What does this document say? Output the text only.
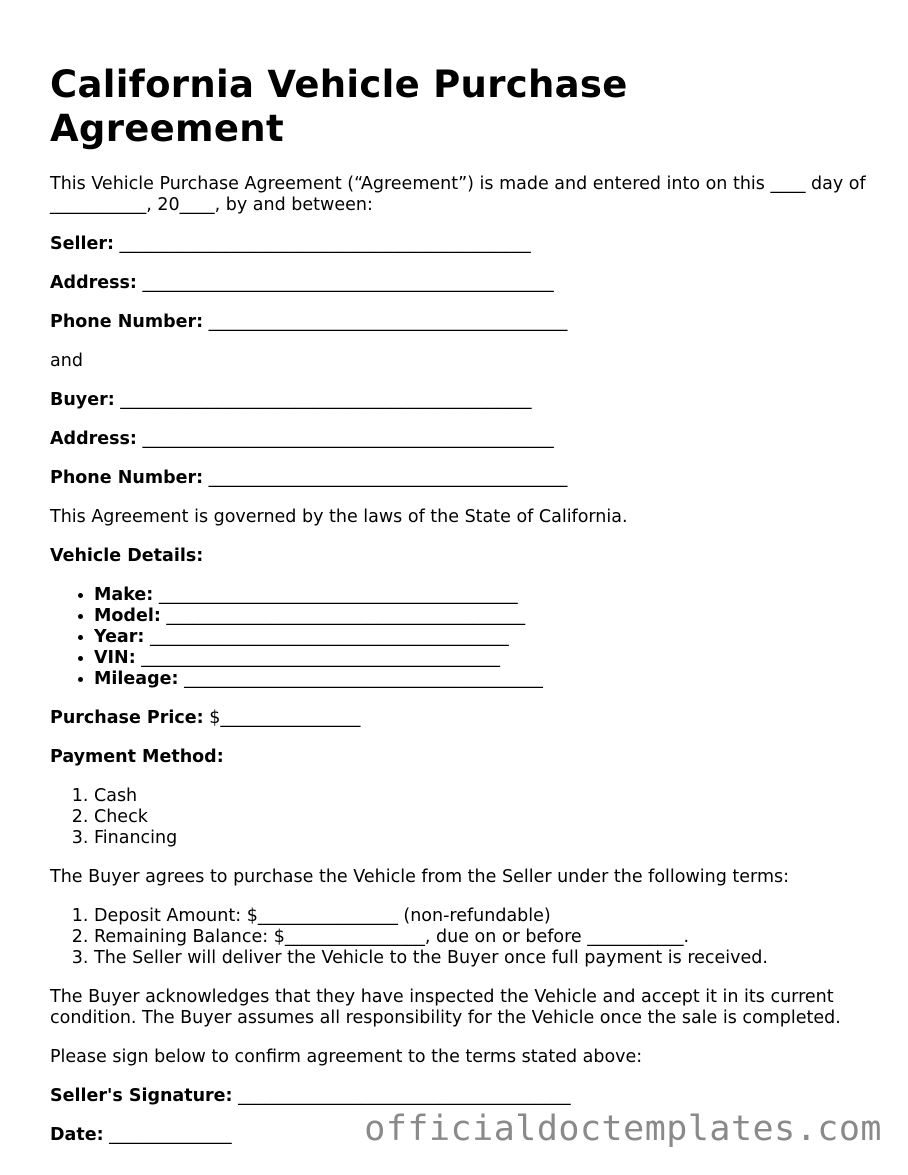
California Vehicle Purchase Agreement

This Vehicle Purchase Agreement (“Agreement”) is made and entered into on this ____ day of ___________, 20____, by and between:

Seller: _______________________________________________

Address: _______________________________________________

Phone Number: _________________________________________

and

Buyer: _______________________________________________

Address: _______________________________________________

Phone Number: _________________________________________

This Agreement is governed by the laws of the State of California.

Vehicle Details:

• Make: _________________________________________
• Model: _________________________________________
• Year: _________________________________________
• VIN: _________________________________________
• Mileage: _________________________________________

Purchase Price: $________________

Payment Method:

1. Cash
2. Check
3. Financing

The Buyer agrees to purchase the Vehicle from the Seller under the following terms:

1. Deposit Amount: $________________ (non-refundable)
2. Remaining Balance: $________________, due on or before ___________.
3. The Seller will deliver the Vehicle to the Buyer once full payment is received.

The Buyer acknowledges that they have inspected the Vehicle and accept it in its current condition. The Buyer assumes all responsibility for the Vehicle once the sale is completed.

Please sign below to confirm agreement to the terms stated above:

Seller's Signature: ______________________________________

Date: ______________	officialdoctemplates.com
